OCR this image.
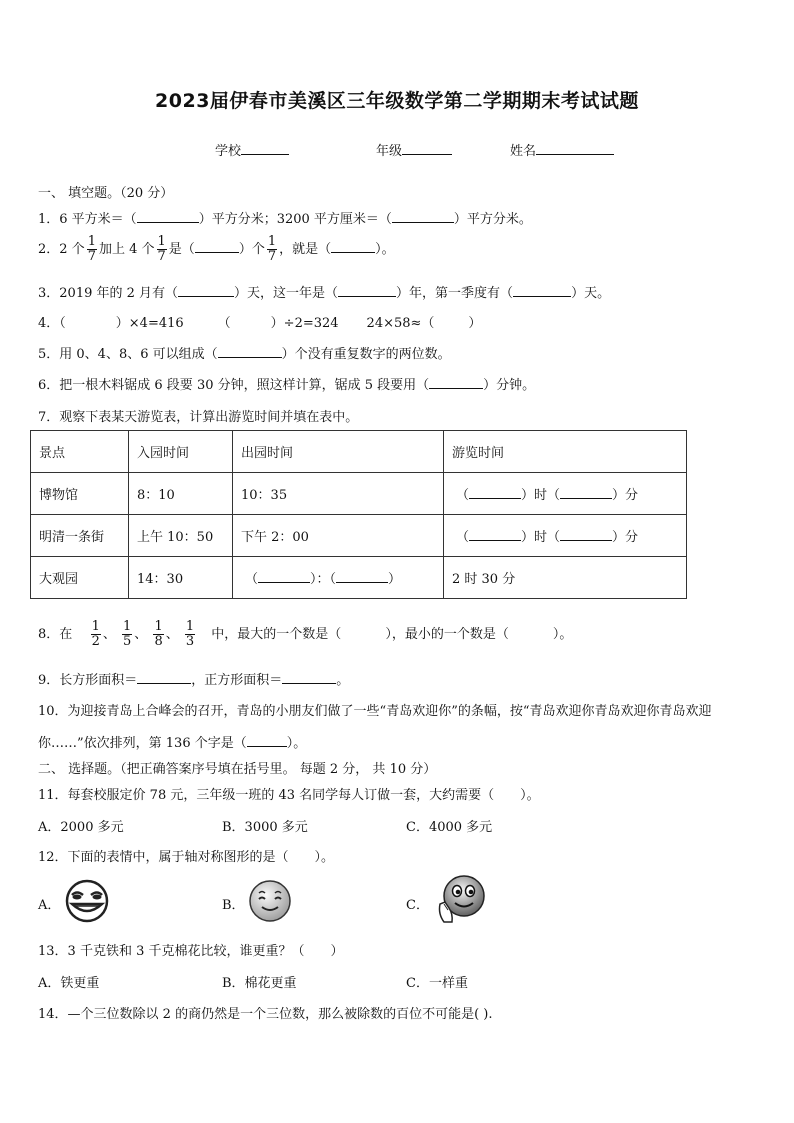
2023届伊春市美溪区三年级数学第二学期期末考试试题
学校	年级	姓名
一、 填空题。（20 分）
1．6 平方米＝（	）平方分米；3200 平方厘米＝（	）平方分米。
2．2 个 $\frac{1}{7}$ 加上 4 个 $\frac{1}{7}$ 是（	）个 $\frac{1}{7}$ ，就是（	）。
3．2019 年的 2 月有（	）天，这一年是（	）年，第一季度有（	）天。
4．（	）×4=416	（	）÷2=324 24×58≈（	）
5．用 0、4、8、6 可以组成（	）个没有重复数字的两位数。
6．把一根木料锯成 6 段要 30 分钟，照这样计算，锯成 5 段要用（	）分钟。
7．观察下表某天游览表，计算出游览时间并填在表中。
景点	入园时间	出园时间	游览时间
博物馆	8：10	10：35	（ ）时（ ）分
明清一条街	上午 10：50	下午 2：00	（ ）时（ ）分
大观园	14：30	（ ）：（ ）	2 时 30 分
8．在 $\frac{1}{2}$ 、 $\frac{1}{5}$ 、 $\frac{1}{8}$ 、 $\frac{1}{3}$ 中，最大的一个数是（	），最小的一个数是（	）。
9．长方形面积＝	，正方形面积＝	。
10．为迎接青岛上合峰会的召开，青岛的小朋友们做了一些“青岛欢迎你”的条幅，按“青岛欢迎你青岛欢迎你青岛欢迎
你……”依次排列，第 136 个字是（	）。
二、 选择题。（把正确答案序号填在括号里。 每题 2 分， 共 10 分）
11．每套校服定价 78 元，三年级一班的 43 名同学每人订做一套，大约需要（　　）。
A．2000 多元	B．3000 多元	C．4000 多元
12．下面的表情中，属于轴对称图形的是（　　）。
A．	B．	C．
13．3 千克铁和 3 千克棉花比较，谁更重？（　　）
A．铁更重	B．棉花更重	C．一样重
14．—个三位数除以 2 的商仍然是一个三位数，那么被除数的百位不可能是( ).
